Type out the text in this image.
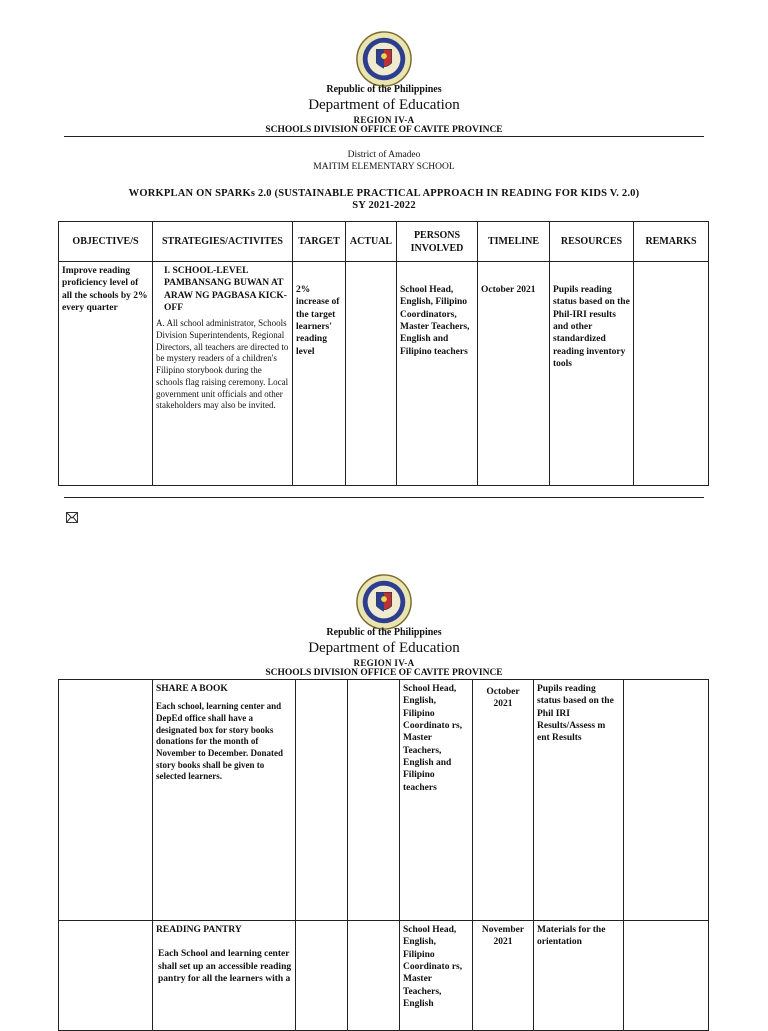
Republic of the Philippines
Department of Education
REGION IV-A
SCHOOLS DIVISION OFFICE OF CAVITE PROVINCE
District of Amadeo
MAITIM ELEMENTARY SCHOOL
WORKPLAN ON SPARKs 2.0 (SUSTAINABLE PRACTICAL APPROACH IN READING FOR KIDS V. 2.0)
SY 2021-2022
OBJECTIVE/S	STRATEGIES/ACTIVITES	TARGET	ACTUAL	PERSONS
INVOLVED	TIMELINE	RESOURCES	REMARKS
Improve reading proficiency level of all the schools by 2% every quarter	I. SCHOOL-LEVEL PAMBANSANG BUWAN AT ARAW NG PAGBASA KICK-OFF
A. All school administrator, Schools Division Superintendents, Regional Directors, all teachers are directed to be mystery readers of a children's Filipino storybook during the schools flag raising ceremony. Local government unit officials and other stakeholders may also be invited.	2% increase of the target learners' reading level		School Head, English, Filipino Coordinators, Master Teachers, English and Filipino teachers	October 2021	Pupils reading status based on the Phil-IRI results and other standardized reading inventory tools	
Republic of the Philippines
Department of Education
REGION IV-A
SCHOOLS DIVISION OFFICE OF CAVITE PROVINCE

	SHARE A BOOK
Each school, learning center and DepEd office shall have a designated box for story books donations for the month of November to December. Donated story books shall be given to selected learners.			School Head, English, Filipino Coordinato rs, Master Teachers, English and Filipino teachers	October 2021	Pupils reading status based on the Phil IRI Results/Assess m ent Results	

	READING PANTRY
Each School and learning center shall set up an accessible reading pantry for all the learners with a			School Head, English, Filipino Coordinato rs, Master Teachers, English	November 2021	Materials for the orientation	
